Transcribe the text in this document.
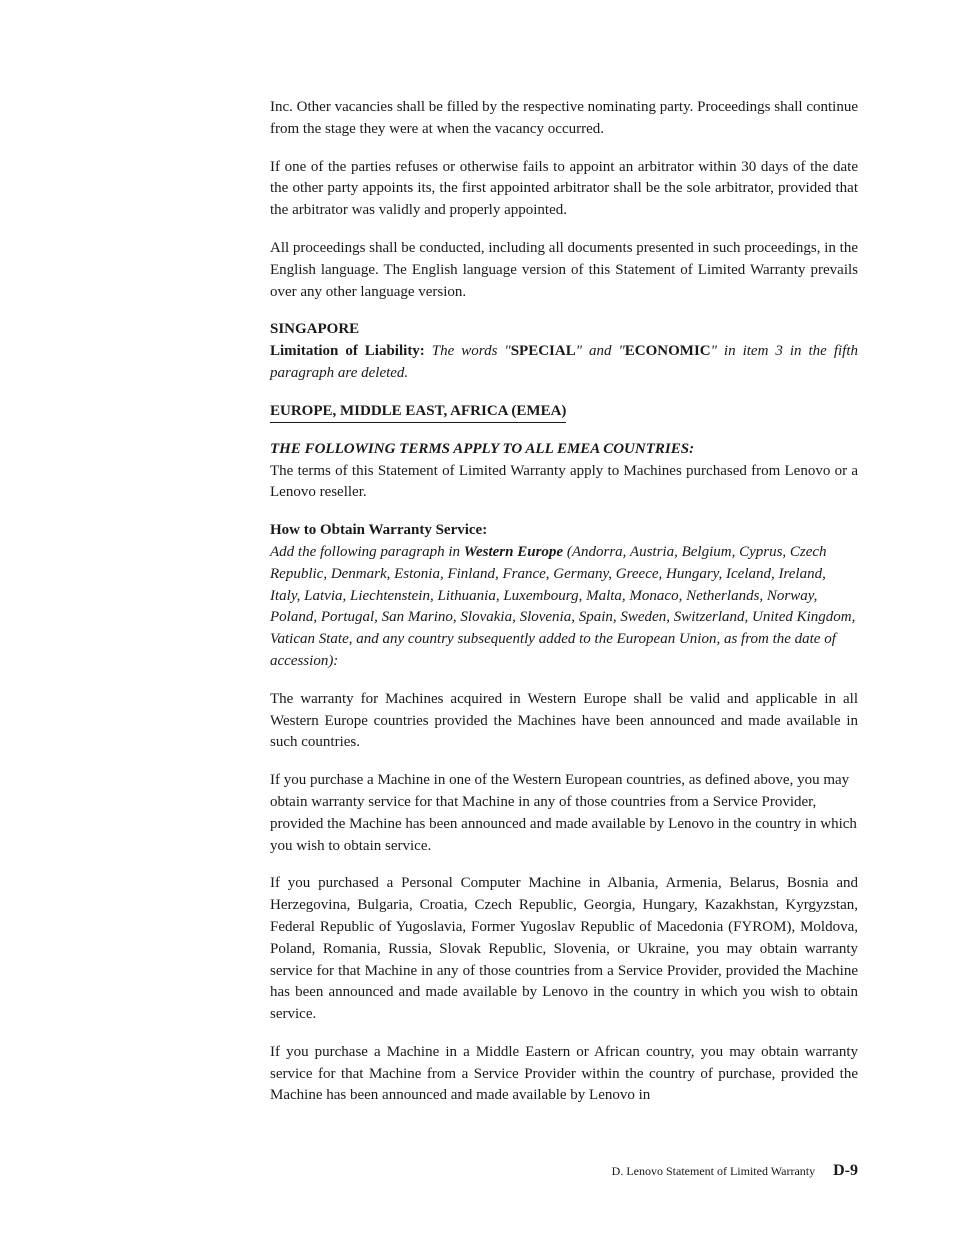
Inc. Other vacancies shall be filled by the respective nominating party. Proceedings shall continue from the stage they were at when the vacancy occurred.

If one of the parties refuses or otherwise fails to appoint an arbitrator within 30 days of the date the other party appoints its, the first appointed arbitrator shall be the sole arbitrator, provided that the arbitrator was validly and properly appointed.

All proceedings shall be conducted, including all documents presented in such proceedings, in the English language. The English language version of this Statement of Limited Warranty prevails over any other language version.

SINGAPORE

Limitation of Liability: The words "SPECIAL" and "ECONOMIC" in item 3 in the fifth paragraph are deleted.

EUROPE, MIDDLE EAST, AFRICA (EMEA)

THE FOLLOWING TERMS APPLY TO ALL EMEA COUNTRIES:

The terms of this Statement of Limited Warranty apply to Machines purchased from Lenovo or a Lenovo reseller.

How to Obtain Warranty Service:

Add the following paragraph in Western Europe (Andorra, Austria, Belgium, Cyprus, Czech Republic, Denmark, Estonia, Finland, France, Germany, Greece, Hungary, Iceland, Ireland, Italy, Latvia, Liechtenstein, Lithuania, Luxembourg, Malta, Monaco, Netherlands, Norway, Poland, Portugal, San Marino, Slovakia, Slovenia, Spain, Sweden, Switzerland, United Kingdom, Vatican State, and any country subsequently added to the European Union, as from the date of accession):

The warranty for Machines acquired in Western Europe shall be valid and applicable in all Western Europe countries provided the Machines have been announced and made available in such countries.

If you purchase a Machine in one of the Western European countries, as defined above, you may obtain warranty service for that Machine in any of those countries from a Service Provider, provided the Machine has been announced and made available by Lenovo in the country in which you wish to obtain service.

If you purchased a Personal Computer Machine in Albania, Armenia, Belarus, Bosnia and Herzegovina, Bulgaria, Croatia, Czech Republic, Georgia, Hungary, Kazakhstan, Kyrgyzstan, Federal Republic of Yugoslavia, Former Yugoslav Republic of Macedonia (FYROM), Moldova, Poland, Romania, Russia, Slovak Republic, Slovenia, or Ukraine, you may obtain warranty service for that Machine in any of those countries from a Service Provider, provided the Machine has been announced and made available by Lenovo in the country in which you wish to obtain service.

If you purchase a Machine in a Middle Eastern or African country, you may obtain warranty service for that Machine from a Service Provider within the country of purchase, provided the Machine has been announced and made available by Lenovo in

D. Lenovo Statement of Limited Warranty D-9
